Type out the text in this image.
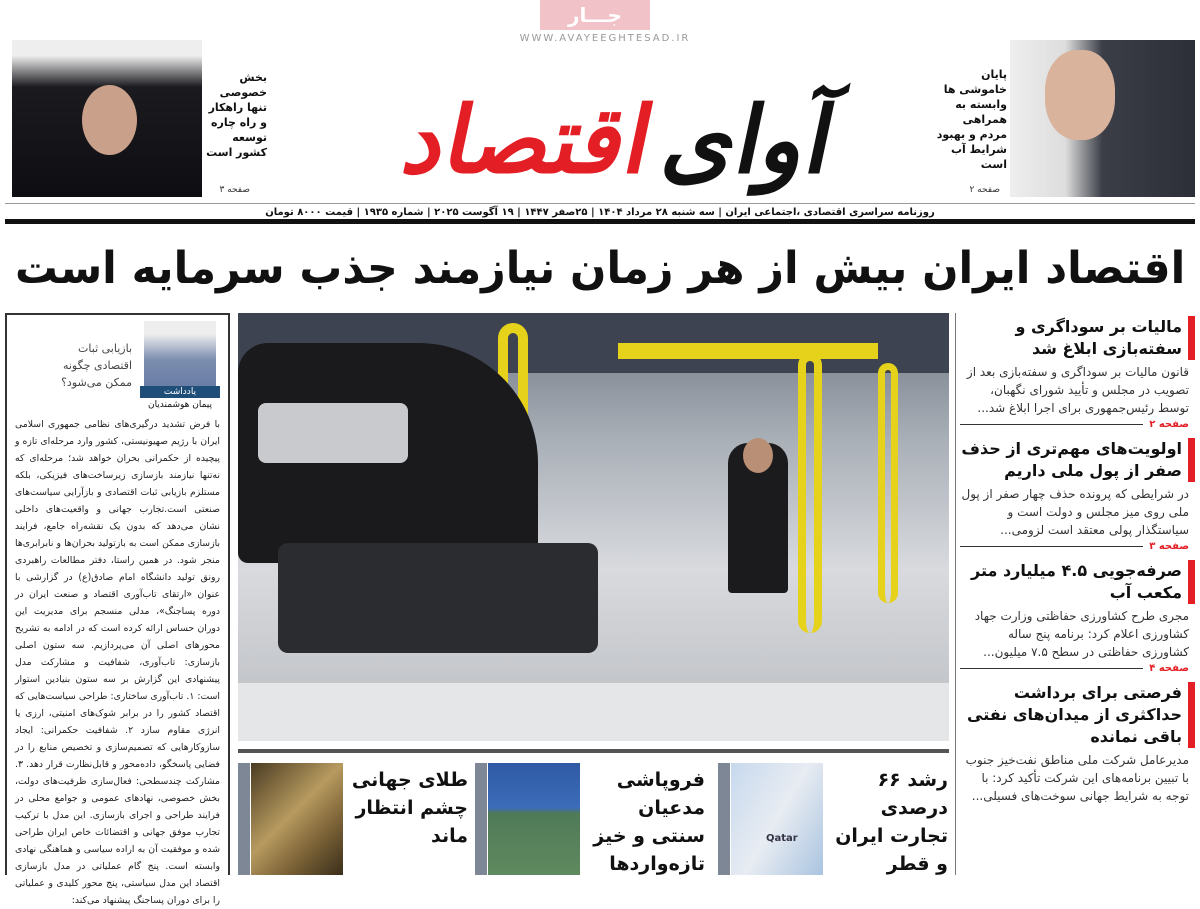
جـــار
WWW.AVAYEEGHTESAD.IR
آوای
اقتصاد
بخش خصوصی تنها راهکار و راه چاره توسعه کشور است
صفحه ۳
پایان خاموشی ها وابسته به همراهی مردم و بهبود شرایط آب است
صفحه ۲
روزنامه سراسری اقتصادی ،اجتماعی ایران | سه شنبه ۲۸ مرداد ۱۴۰۴ | ۲۵صفر ۱۴۴۷ | ۱۹ آگوست ۲۰۲۵ | شماره ۱۹۳۵ | قیمت ۸۰۰۰ تومان
اقتصاد ایران بیش از هر زمان نیازمند جذب سرمایه است
یادداشت
پیمان هوشمندیان
بازیابی ثبات اقتصادی چگونه ممکن می‌شود؟
با فرض تشدید درگیری‌های نظامی جمهوری اسلامی ایران با رژیم صهیونیستی، کشور وارد مرحله‌ای تازه و پیچیده از حکمرانی بحران خواهد شد؛ مرحله‌ای که نه‌تنها نیازمند بازسازی زیرساخت‌های فیزیکی، بلکه مستلزم بازیابی ثبات اقتصادی و بازآرایی سیاست‌های صنعتی است.تجارب جهانی و واقعیت‌های داخلی نشان می‌دهد که بدون یک نقشه‌راه جامع، فرایند بازسازی ممکن است به بازتولید بحران‌ها و نابرابری‌ها منجر شود. در همین راستا، دفتر مطالعات راهبردی رونق تولید دانشگاه امام صادق(ع) در گزارشی با عنوان «ارتقای تاب‌آوری اقتصاد و صنعت ایران در دوره پساجنگ»، مدلی منسجم برای مدیریت این دوران حساس ارائه کرده است که در ادامه به تشریح محورهای اصلی آن می‌پردازیم. سه ستون اصلی بازسازی: تاب‌آوری، شفافیت و مشارکت مدل پیشنهادی این گزارش بر سه ستون بنیادین استوار است: ۱. تاب‌آوری ساختاری: طراحی سیاست‌هایی که اقتصاد کشور را در برابر شوک‌های امنیتی، ارزی یا انرژی مقاوم سازد ۲. شفافیت حکمرانی: ایجاد سازوکارهایی که تصمیم‌سازی و تخصیص منابع را در فضایی پاسخگو، داده‌محور و قابل‌نظارت قرار دهد. ۳. مشارکت چندسطحی: فعال‌سازی ظرفیت‌های دولت، بخش خصوصی، نهادهای عمومی و جوامع محلی در فرایند طراحی و اجرای بازسازی. این مدل با ترکیب تجارب موفق جهانی و اقتضائات خاص ایران طراحی شده و موفقیت آن به اراده سیاسی و هماهنگی نهادی وابسته است. پنج گام عملیاتی در مدل بازسازی اقتصاد این مدل سیاستی، پنج محور کلیدی و عملیاتی را برای دوران پساجنگ پیشنهاد می‌کند:
مالیات بر سوداگری و سفته‌بازی ابلاغ شد
قانون مالیات بر سوداگری و سفته‌بازی بعد از تصویب در مجلس و تأیید شورای نگهبان، توسط رئیس‌جمهوری برای اجرا ابلاغ شد...
صفحه ۲
اولویت‌های مهم‌تری از حذف صفر از پول ملی داریم
در شرایطی که پرونده حذف چهار صفر از پول ملی روی میز مجلس و دولت است و سیاستگذار پولی معتقد است لزومی...
صفحه ۳
صرفه‌جویی ۴.۵ میلیارد متر مکعب آب
مجری طرح کشاورزی حفاظتی وزارت جهاد کشاورزی اعلام کرد: برنامه پنج ساله کشاورزی حفاظتی در سطح ۷.۵ میلیون...
صفحه ۴
فرصتی برای برداشت حداکثری از میدان‌های نفتی باقی نمانده
مدیرعامل شرکت ملی مناطق نفت‌خیز جنوب با تبیین برنامه‌های این شرکت تأکید کرد: با توجه به شرایط جهانی سوخت‌های فسیلی...
Qatar
رشد ۶۶ درصدی تجارت ایران و قطر
فروپاشی مدعیان سنتی و خیز تازه‌واردها
طلای جهانی چشم انتظار ماند
